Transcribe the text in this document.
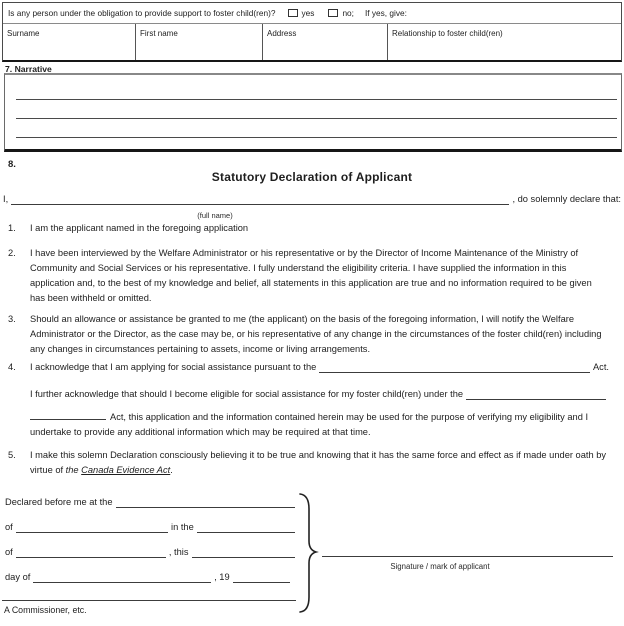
Is any person under the obligation to provide support to foster child(ren)?	yes	no; If yes, give:
Surname	First name	Address	Relationship to foster child(ren)
7. Narrative
8.
Statutory Declaration of Applicant
I,	, do solemnly declare that:
(full name)
1.	I am the applicant named in the foregoing application
2.	I have been interviewed by the Welfare Administrator or his representative or by the Director of Income Maintenance of the Ministry of Community and Social Services or his representative. I fully understand the eligibility criteria. I have supplied the information in this application and, to the best of my knowledge and belief, all statements in this application are true and no information required to be given has been withheld or omitted.
3.	Should an allowance or assistance be granted to me (the applicant) on the basis of the foregoing information, I will notify the Welfare Administrator or the Director, as the case may be, or his representative of any change in the circumstances of the foster child(ren) including any changes in circumstances pertaining to assets, income or living arrangements.
4.	I acknowledge that I am applying for social assistance pursuant to the	Act.
I further acknowledge that should I become eligible for social assistance for my foster child(ren) under the
Act, this application and the information contained herein may be used for the purpose of verifying my eligibility and I undertake to provide any additional information which may be required at that time.
5.	I make this solemn Declaration consciously believing it to be true and knowing that it has the same force and effect as if made under oath by virtue of the Canada Evidence Act.
Declared before me at the
of	in the
of	, this
day of	, 19
A Commissioner, etc.
Signature / mark of applicant
